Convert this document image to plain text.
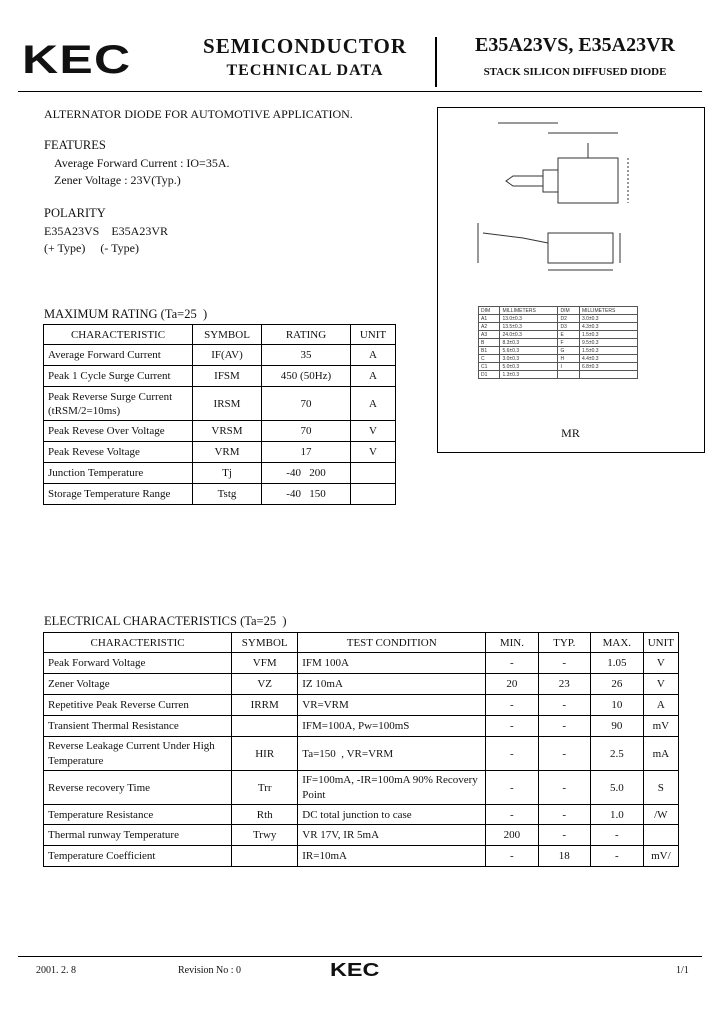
KEC	SEMICONDUCTOR
TECHNICAL DATA
E35A23VS, E35A23VR
STACK SILICON DIFFUSED DIODE
ALTERNATOR DIODE FOR AUTOMOTIVE APPLICATION.
FEATURES
Average Forward Current : IO=35A.
Zener Voltage : 23V(Typ.)
POLARITY
E35A23VS    E35A23VR
(+ Type)     (- Type)
MAXIMUM RATING (Ta=25  )
CHARACTERISTIC	SYMBOL	RATING	UNIT
Average Forward Current	IF(AV)	35	A
Peak 1 Cycle Surge Current	IFSM	450 (50Hz)	A
Peak Reverse Surge Current (tRSM/2=10ms)	IRSM	70	A
Peak Revese Over Voltage	VRSM	70	V
Peak Revese Voltage	VRM	17	V
Junction Temperature	Tj	-40   200	
Storage Temperature Range	Tstg	-40   150	
DIM	MILLIMETERS	DIM	MILLIMETERS
A1	13.0±0.3	D2	3.0±0.3
A2	13.5±0.3	D3	4.3±0.3
A3	24.0±0.3	E	1.5±0.3
B	8.3±0.3	F	9.5±0.3
B1	5.6±0.3	G	1.5±0.3
C	3.0±0.3	H	4.4±0.3
C1	5.0±0.3	I	6.8±0.3
D1	1.3±0.3		
MR
ELECTRICAL CHARACTERISTICS (Ta=25  )
CHARACTERISTIC	SYMBOL	TEST CONDITION	MIN.	TYP.	MAX.	UNIT
Peak Forward Voltage	VFM	IFM 100A	-	-	1.05	V
Zener Voltage	VZ	IZ 10mA	20	23	26	V
Repetitive Peak Reverse Curren	IRRM	VR=VRM	-	-	10	A
Transient Thermal Resistance		IFM=100A, Pw=100mS	-	-	90	mV
Reverse Leakage Current Under High Temperature	HIR	Ta=150  , VR=VRM	-	-	2.5	mA
Reverse recovery Time	Trr	IF=100mA, -IR=100mA 90% Recovery Point	-	-	5.0	S
Temperature Resistance	Rth	DC total junction to case	-	-	1.0	/W
Thermal runway Temperature	Trwy	VR 17V, IR 5mA	200	-	-	
Temperature Coefficient		IR=10mA	-	18	-	mV/
2001. 2. 8	Revision No : 0	KEC	1/1
